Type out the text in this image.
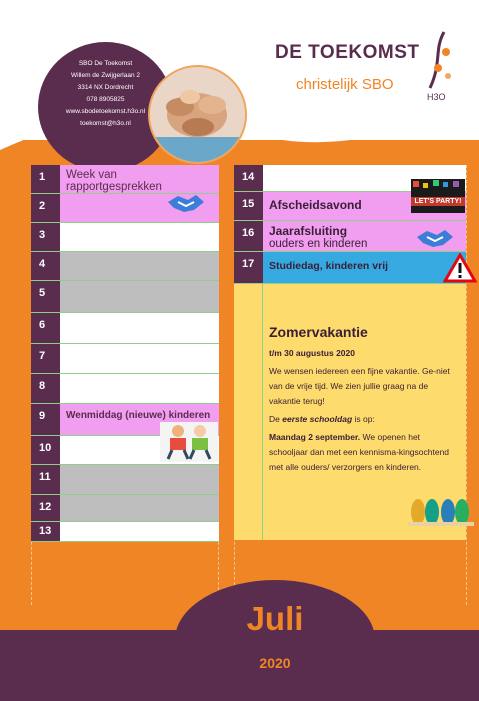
SBO De Toekomst
Willem de Zwijgerlaan 2
3314 NX Dordrecht
078 8905825
www.sbodetoekomst.h3o.nl
toekomst@h3o.nl
DE TOEKOMST
christelijk SBO
H3O
1	Week van rapportgesprekken
2
3
4
5
6
7
8
9	Wenmiddag (nieuwe) kinderen
10
11
12
13
14
15	Afscheidsavond	LET'S PARTY!
16	Jaarafsluiting
ouders en kinderen
17	Studiedag, kinderen vrij
Zomervakantie
t/m 30 augustus 2020
We wensen iedereen een fijne vakantie. Ge-niet van de vrije tijd. We zien jullie graag na de vakantie terug!
De eerste schooldag is op:
Maandag 2 september. We openen het schooljaar dan met een kennisma-kingsochtend met alle ouders/ verzorgers en kinderen.
Juli
2020
